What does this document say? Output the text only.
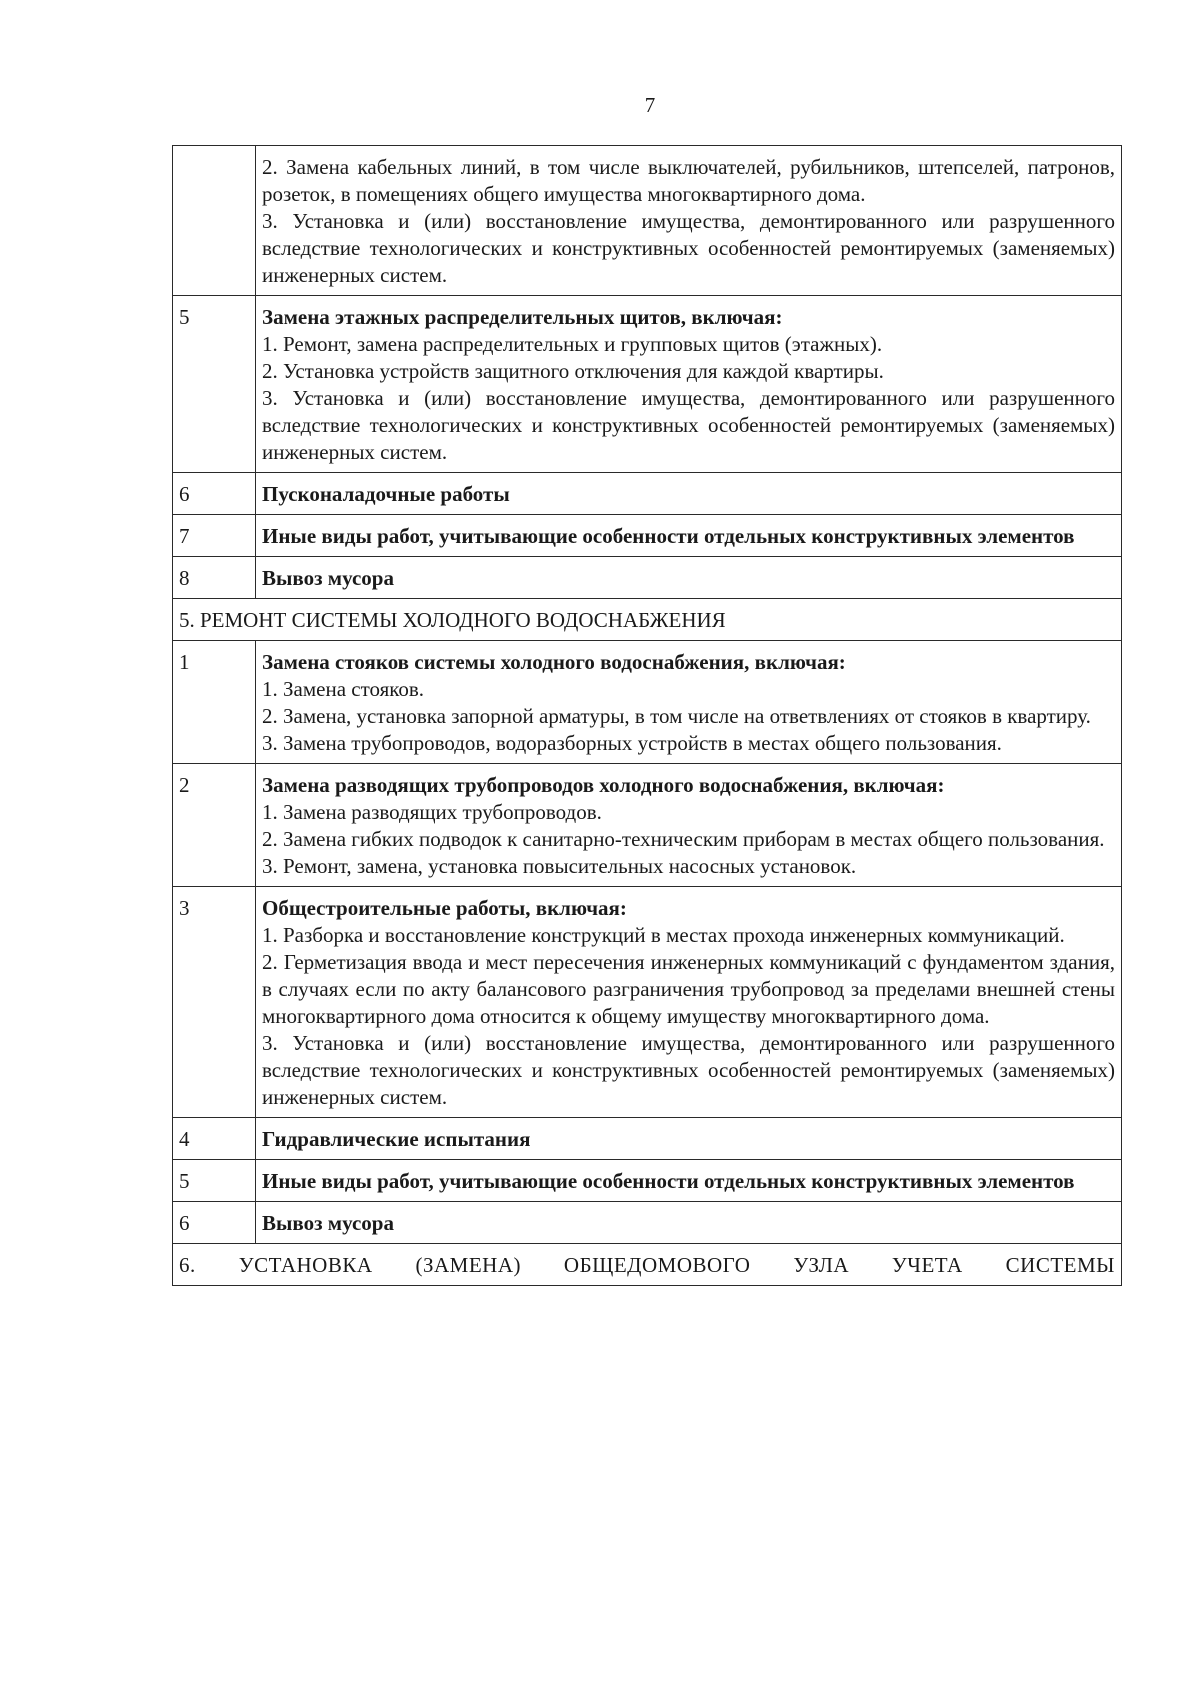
7

	2. Замена кабельных линий, в том числе выключателей, рубильников, штепселей, патронов, розеток, в помещениях общего имущества многоквартирного дома.
3. Установка и (или) восстановление имущества, демонтированного или разрушенного вследствие технологических и конструктивных особенностей ремонтируемых (заменяемых) инженерных систем.

5	Замена этажных распределительных щитов, включая:
1. Ремонт, замена распределительных и групповых щитов (этажных).
2. Установка устройств защитного отключения для каждой квартиры.
3. Установка и (или) восстановление имущества, демонтированного или разрушенного вследствие технологических и конструктивных особенностей ремонтируемых (заменяемых) инженерных систем.

6	Пусконаладочные работы

7	Иные виды работ, учитывающие особенности отдельных конструктивных элементов

8	Вывоз мусора

5. РЕМОНТ СИСТЕМЫ ХОЛОДНОГО ВОДОСНАБЖЕНИЯ	
1	Замена стояков системы холодного водоснабжения, включая:
1. Замена стояков.
2. Замена, установка запорной арматуры, в том числе на ответвлениях от стояков в квартиру.
3. Замена трубопроводов, водоразборных устройств в местах общего пользования.

2	Замена разводящих трубопроводов холодного водоснабжения, включая:
1. Замена разводящих трубопроводов.
2. Замена гибких подводок к санитарно-техническим приборам в местах общего пользования.
3. Ремонт, замена, установка повысительных насосных установок.

3	Общестроительные работы, включая:
1. Разборка и восстановление конструкций в местах прохода инженерных коммуникаций.
2. Герметизация ввода и мест пересечения инженерных коммуникаций с фундаментом здания, в случаях если по акту балансового разграничения трубопровод за пределами внешней стены многоквартирного дома относится к общему имуществу многоквартирного дома.
3. Установка и (или) восстановление имущества, демонтированного или разрушенного вследствие технологических и конструктивных особенностей ремонтируемых (заменяемых) инженерных систем.

4	Гидравлические испытания

5	Иные виды работ, учитывающие особенности отдельных конструктивных элементов

6	Вывоз мусора

6. УСТАНОВКА (ЗАМЕНА) ОБЩЕДОМОВОГО УЗЛА УЧЕТА СИСТЕМЫ	
